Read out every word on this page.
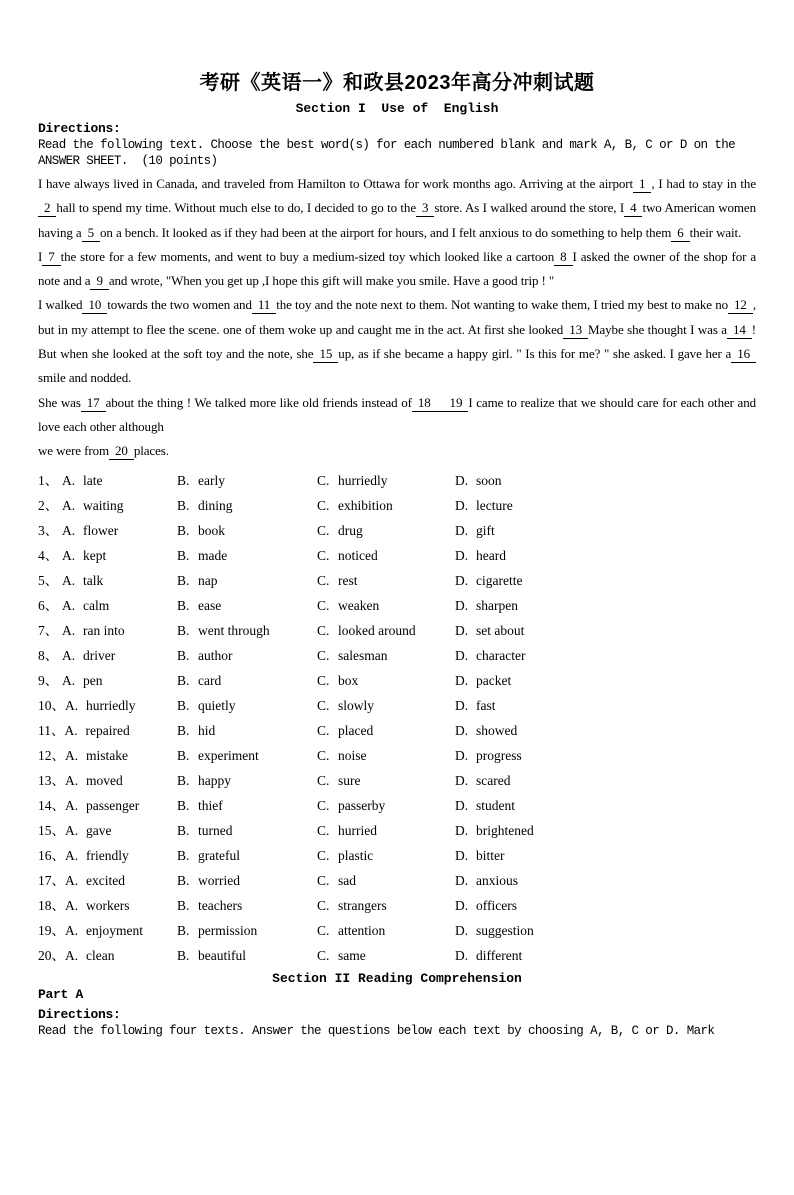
考研《英语一》和政县2023年高分冲刺试题
Section I  Use of  English
Directions:
Read the following text. Choose the best word(s) for each numbered blank and mark A, B, C or D on the
ANSWER SHEET.  (10 points)

I have always lived in Canada, and traveled from Hamilton to Ottawa for work months ago. Arriving at the airport 1 , I had to stay in the2 hall to spend my time. Without much else to do, I decided to go to the 3 store. As I walked around the store, I 4 two American women having a 5 on a bench. It looked as if they had been at the airport for hours, and I felt anxious to do something to help them 6 their wait.

I 7 the store for a few moments, and went to buy a medium-sized toy which looked like a cartoon 8 I asked the owner of the shop for a note and a 9 and wrote, "When you get up ,I hope this gift will make you smile. Have a good trip ! "

I walked 10 towards the two women and 11 the toy and the note next to them. Not wanting to wake them, I tried my best to make no 12 , but in my attempt to flee the scene. one of them woke up and caught me in the act. At first she looked 13 Maybe she thought I was a 14 ! But when she looked at the soft toy and the note, she 15 up, as if she became a happy girl. " Is this for me? " she asked. I gave her a 16smile and nodded.

She was 17 about the thing ! We talked more like old friends instead of 18      19 I came to realize that we should care for each other and love each other although

we were from 20 places.

1、 A. late	B. early	C. hurriedly	D. soon
2、 A. waiting	B. dining	C. exhibition	D. lecture
3、 A. flower	B. book	C. drug	D. gift
4、 A. kept	B. made	C. noticed	D. heard
5、 A. talk	B. nap	C. rest	D. cigarette
6、 A. calm	B. ease	C. weaken	D. sharpen
7、 A. ran into	B. went through	C. looked around	D. set about
8、 A. driver	B. author	C. salesman	D. character
9、 A. pen	B. card	C. box	D. packet
10、A. hurriedly	B. quietly	C. slowly	D. fast
11、A. repaired	B. hid	C. placed	D. showed
12、A. mistake	B. experiment	C. noise	D. progress
13、A. moved	B. happy	C. sure	D. scared
14、A. passenger	B. thief	C. passerby	D. student
15、A. gave	B. turned	C. hurried	D. brightened
16、A. friendly	B. grateful	C. plastic	D. bitter
17、A. excited	B. worried	C. sad	D. anxious
18、A. workers	B. teachers	C. strangers	D. officers
19、A. enjoyment	B. permission	C. attention	D. suggestion
20、A. clean	B. beautiful	C. same	D. different
Section II Reading Comprehension
Part A
Directions:
Read the following four texts. Answer the questions below each text by choosing A, B, C or D. Mark
